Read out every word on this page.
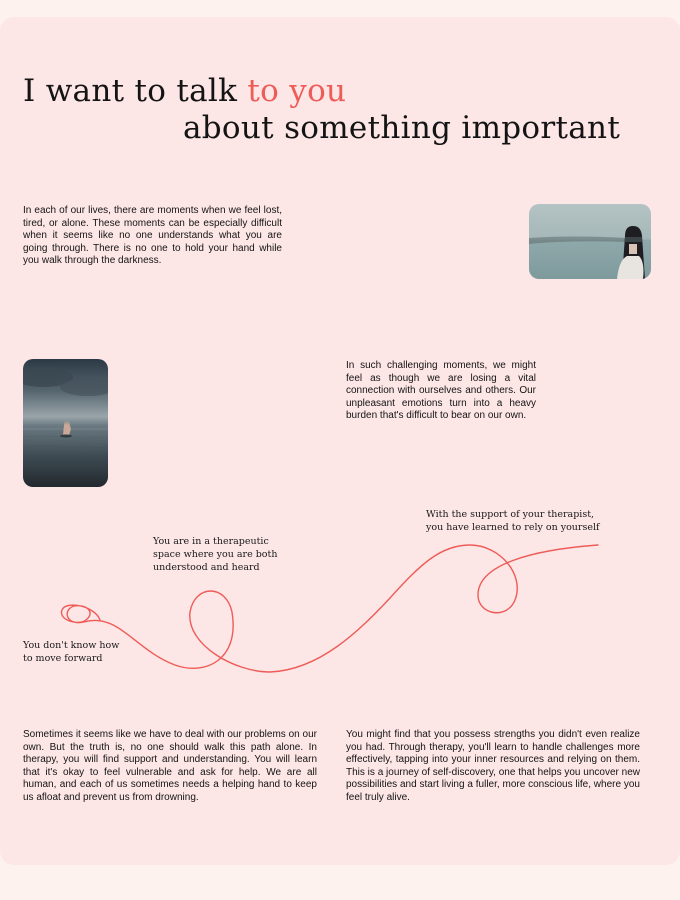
I want to talk to you
about something important

In each of our lives, there are moments when we feel lost, tired, or alone. These moments can be especially difficult when it seems like no one understands what you are going through. There is no one to hold your hand while you walk through the darkness.

In such challenging moments, we might feel as though we are losing a vital connection with ourselves and others. Our unpleasant emotions turn into a heavy burden that's difficult to bear on our own.

With the support of your therapist, you have learned to rely on yourself
You are in a therapeutic space where you are both understood and heard
You don't know how to move forward

Sometimes it seems like we have to deal with our problems on our own. But the truth is, no one should walk this path alone. In therapy, you will find support and understanding. You will learn that it's okay to feel vulnerable and ask for help. We are all human, and each of us sometimes needs a helping hand to keep us afloat and prevent us from drowning.

You might find that you possess strengths you didn't even realize you had. Through therapy, you'll learn to handle challenges more effectively, tapping into your inner resources and relying on them. This is a journey of self-discovery, one that helps you uncover new possibilities and start living a fuller, more conscious life, where you feel truly alive.
